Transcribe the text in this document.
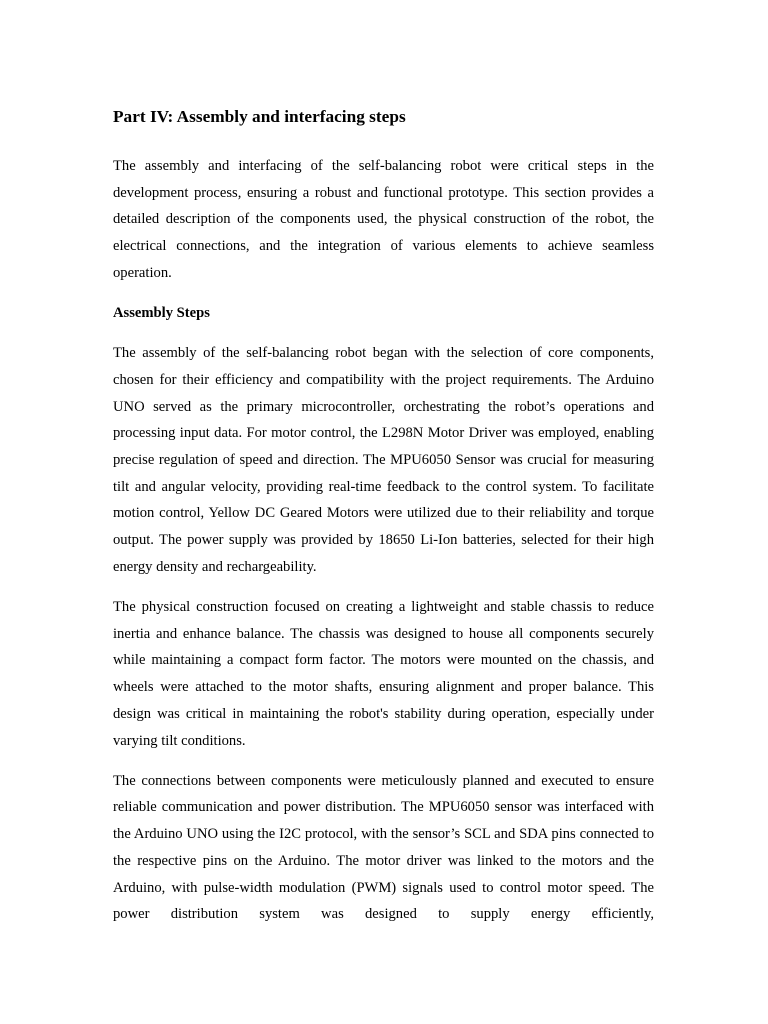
Part IV: Assembly and interfacing steps

The assembly and interfacing of the self-balancing robot were critical steps in the development process, ensuring a robust and functional prototype. This section provides a detailed description of the components used, the physical construction of the robot, the electrical connections, and the integration of various elements to achieve seamless operation.

Assembly Steps

The assembly of the self-balancing robot began with the selection of core components, chosen for their efficiency and compatibility with the project requirements. The Arduino UNO served as the primary microcontroller, orchestrating the robot’s operations and processing input data. For motor control, the L298N Motor Driver was employed, enabling precise regulation of speed and direction. The MPU6050 Sensor was crucial for measuring tilt and angular velocity, providing real-time feedback to the control system. To facilitate motion control, Yellow DC Geared Motors were utilized due to their reliability and torque output. The power supply was provided by 18650 Li-Ion batteries, selected for their high energy density and rechargeability.

The physical construction focused on creating a lightweight and stable chassis to reduce inertia and enhance balance. The chassis was designed to house all components securely while maintaining a compact form factor. The motors were mounted on the chassis, and wheels were attached to the motor shafts, ensuring alignment and proper balance. This design was critical in maintaining the robot's stability during operation, especially under varying tilt conditions.

The connections between components were meticulously planned and executed to ensure reliable communication and power distribution. The MPU6050 sensor was interfaced with the Arduino UNO using the I2C protocol, with the sensor’s SCL and SDA pins connected to the respective pins on the Arduino. The motor driver was linked to the motors and the Arduino, with pulse-width modulation (PWM) signals used to control motor speed. The power distribution system was designed to supply energy efficiently,
